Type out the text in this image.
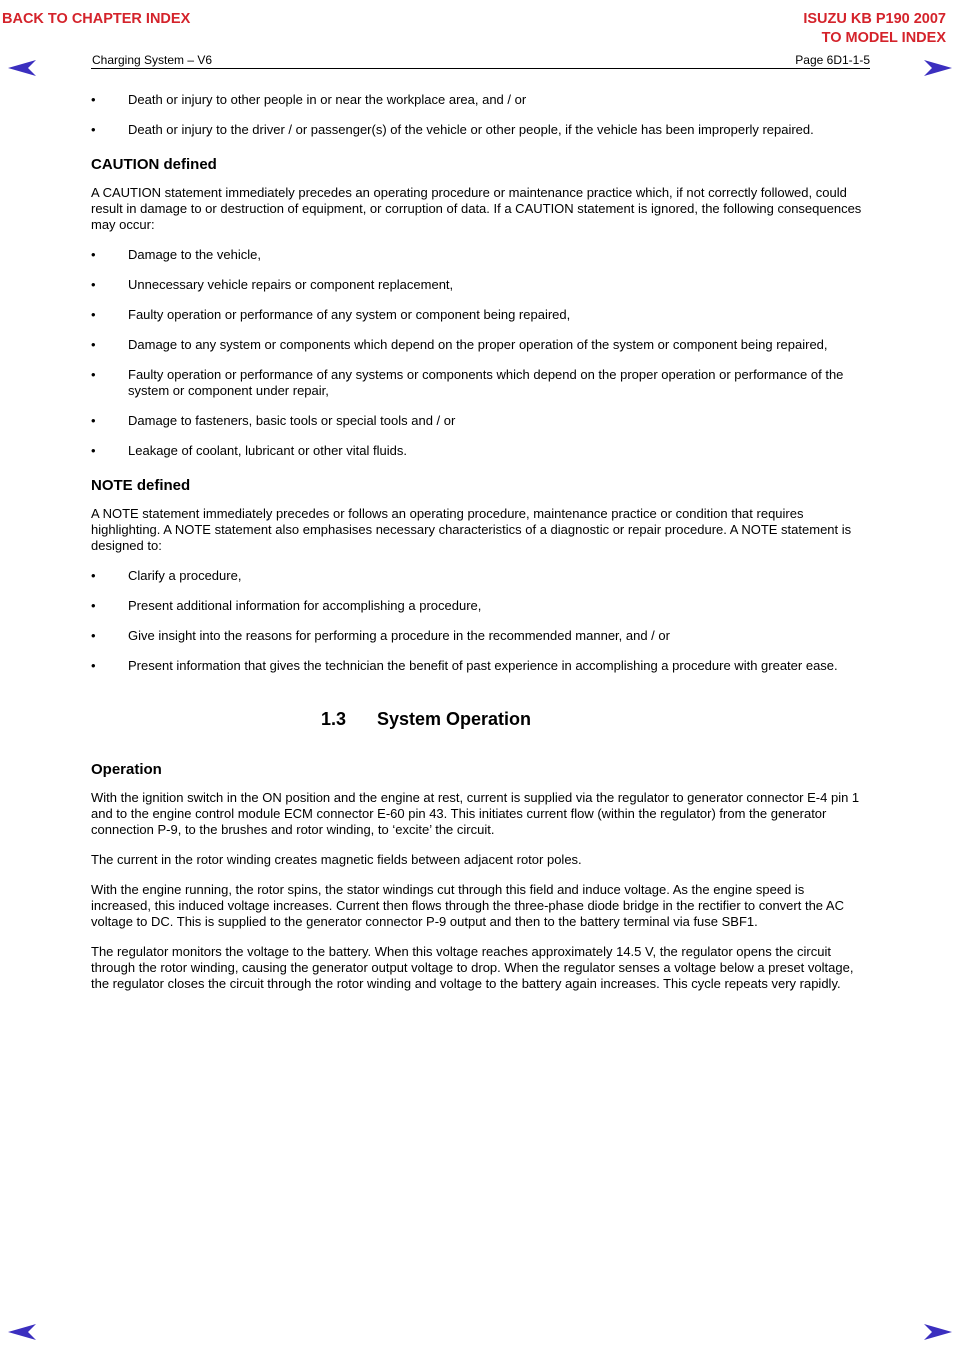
BACK TO CHAPTER INDEX	ISUZU KB P190 2007
TO MODEL INDEX
Charging System – V6	Page 6D1-1-5
•	Death or injury to other people in or near the workplace area, and / or
•	Death or injury to the driver / or passenger(s) of the vehicle or other people, if the vehicle has been improperly repaired.
CAUTION defined

A CAUTION statement immediately precedes an operating procedure or maintenance practice which, if not correctly followed, could result in damage to or destruction of equipment, or corruption of data. If a CAUTION statement is ignored, the following consequences may occur:

•	Damage to the vehicle,
•	Unnecessary vehicle repairs or component replacement,
•	Faulty operation or performance of any system or component being repaired,
•	Damage to any system or components which depend on the proper operation of the system or component being repaired,
•	Faulty operation or performance of any systems or components which depend on the proper operation or performance of the system or component under repair,
•	Damage to fasteners, basic tools or special tools and / or
•	Leakage of coolant, lubricant or other vital fluids.
NOTE defined

A NOTE statement immediately precedes or follows an operating procedure, maintenance practice or condition that requires highlighting. A NOTE statement also emphasises necessary characteristics of a diagnostic or repair procedure. A NOTE statement is designed to:

•	Clarify a procedure,
•	Present additional information for accomplishing a procedure,
•	Give insight into the reasons for performing a procedure in the recommended manner, and / or
•	Present information that gives the technician the benefit of past experience in accomplishing a procedure with greater ease.
1.3 System Operation
Operation

With the ignition switch in the ON position and the engine at rest, current is supplied via the regulator to generator connector E-4 pin 1 and to the engine control module ECM connector E-60 pin 43. This initiates current flow (within the regulator) from the generator connection P-9, to the brushes and rotor winding, to ‘excite’ the circuit.

The current in the rotor winding creates magnetic fields between adjacent rotor poles.

With the engine running, the rotor spins, the stator windings cut through this field and induce voltage. As the engine speed is increased, this induced voltage increases. Current then flows through the three-phase diode bridge in the rectifier to convert the AC voltage to DC. This is supplied to the generator connector P-9 output and then to the battery terminal via fuse SBF1.

The regulator monitors the voltage to the battery. When this voltage reaches approximately 14.5 V, the regulator opens the circuit through the rotor winding, causing the generator output voltage to drop. When the regulator senses a voltage below a preset voltage, the regulator closes the circuit through the rotor winding and voltage to the battery again increases. This cycle repeats very rapidly.
